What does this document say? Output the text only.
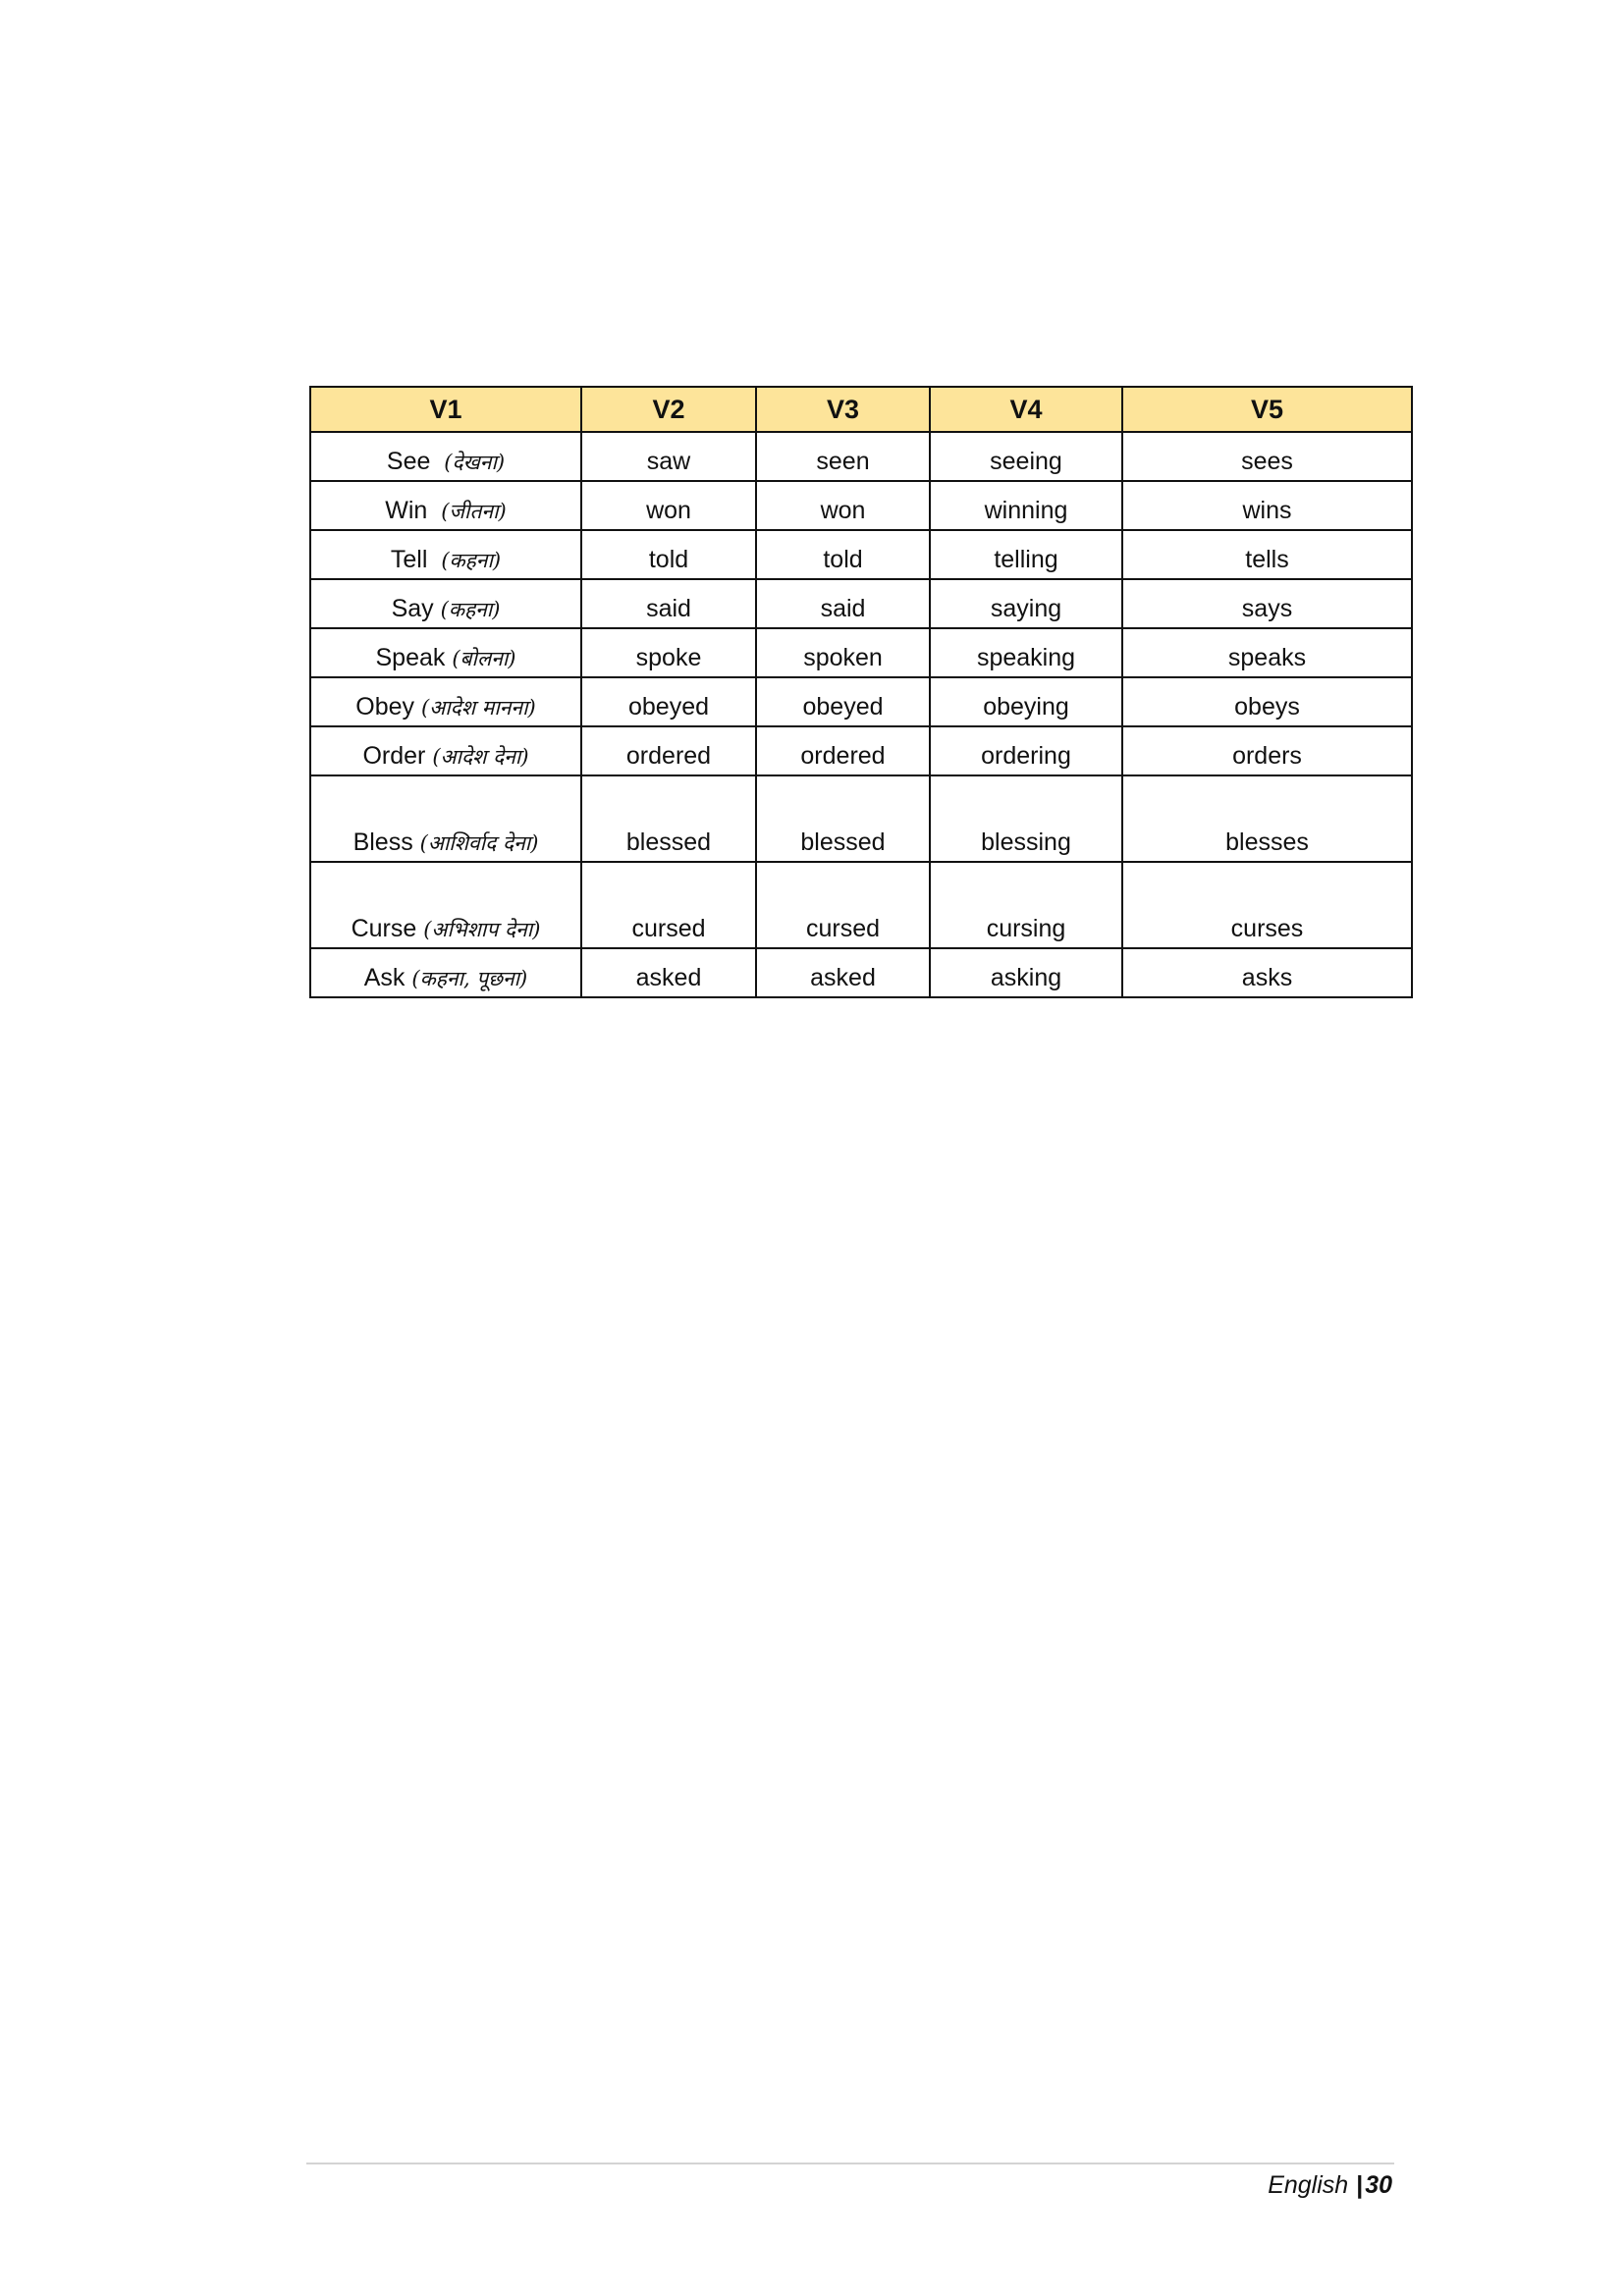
V1	V2	V3	V4	V5
See (देखना)	saw	seen	seeing	sees
Win (जीतना)	won	won	winning	wins
Tell (कहना)	told	told	telling	tells
Say (कहना)	said	said	saying	says
Speak (बोलना)	spoke	spoken	speaking	speaks
Obey (आदेश मानना)	obeyed	obeyed	obeying	obeys
Order (आदेश देना)	ordered	ordered	ordering	orders
Bless (आशिर्वाद देना)	blessed	blessed	blessing	blesses
Curse (अभिशाप देना)	cursed	cursed	cursing	curses
Ask (कहना, पूछना)	asked	asked	asking	asks
English |30
